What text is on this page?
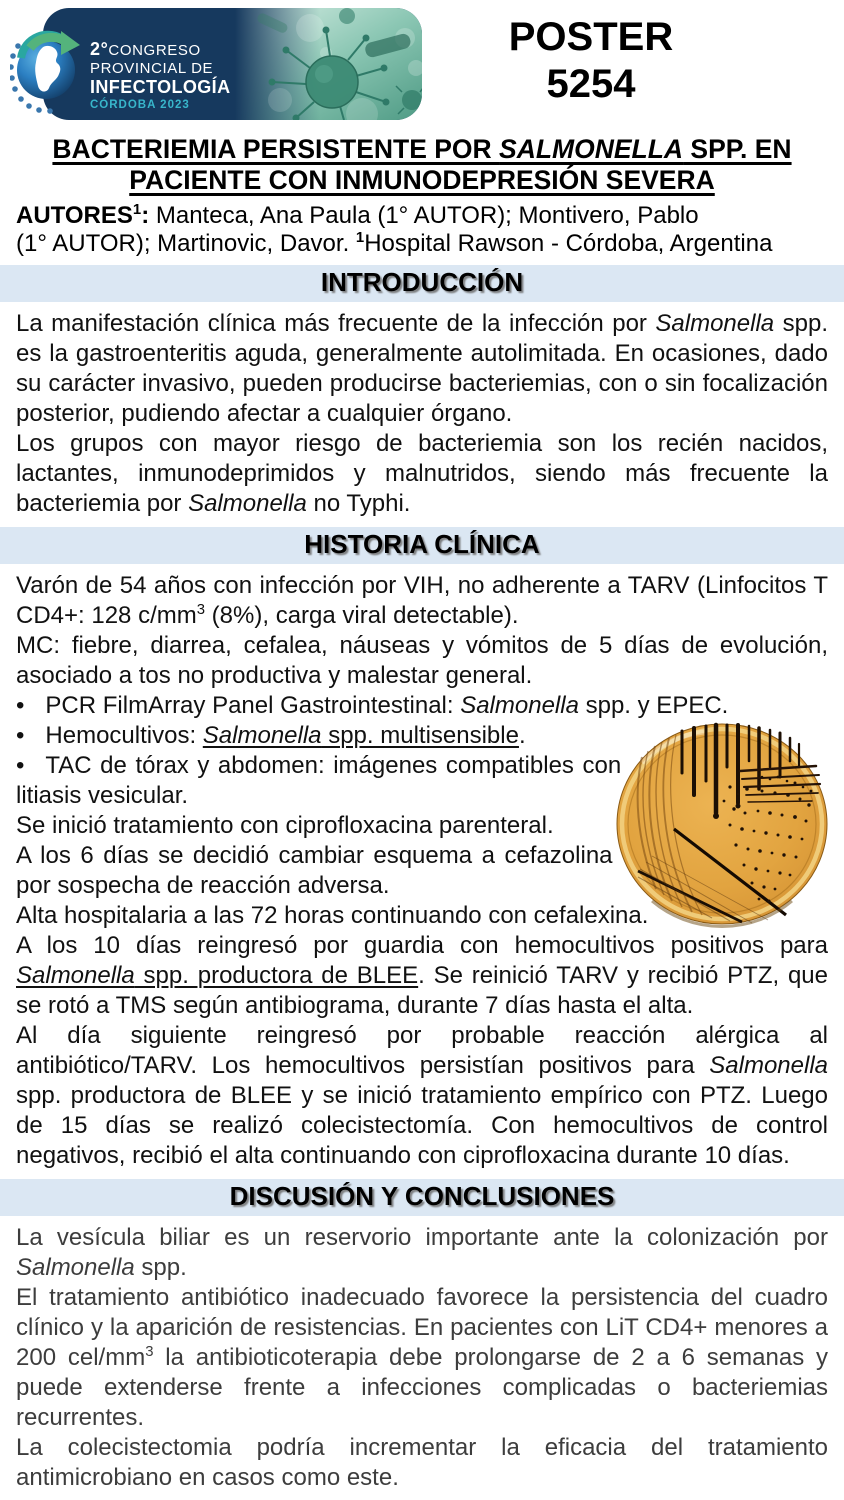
2°CONGRESO
PROVINCIAL DE
INFECTOLOGÍA
CÓRDOBA 2023
POSTER
5254
BACTERIEMIA PERSISTENTE POR SALMONELLA SPP. EN
PACIENTE CON INMUNODEPRESIÓN SEVERA
AUTORES$^1$: Manteca, Ana Paula (1° AUTOR); Montivero, Pablo
(1° AUTOR); Martinovic, Davor. $^1$Hospital Rawson - Córdoba, Argentina
INTRODUCCIÓN

La manifestación clínica más frecuente de la infección por Salmonella spp. es la gastroenteritis aguda, generalmente autolimitada. En ocasiones, dado su carácter invasivo, pueden producirse bacteriemias, con o sin focalización posterior, pudiendo afectar a cualquier órgano.

Los grupos con mayor riesgo de bacteriemia son los recién nacidos, lactantes, inmunodeprimidos y malnutridos, siendo más frecuente la bacteriemia por Salmonella no Typhi.

HISTORIA CLÍNICA

Varón de 54 años con infección por VIH, no adherente a TARV (Linfocitos T CD4+: 128 $c/mm^3$ (8%), carga viral detectable).

MC: fiebre, diarrea, cefalea, náuseas y vómitos de 5 días de evolución, asociado a tos no productiva y malestar general.

• PCR FilmArray Panel Gastrointestinal: Salmonella spp. y EPEC.

• Hemocultivos: Salmonella spp. multisensible.

• TAC de tórax y abdomen: imágenes compatibles con litiasis vesicular.

Se inició tratamiento con ciprofloxacina parenteral.

A los 6 días se decidió cambiar esquema a cefazolina por sospecha de reacción adversa.

Alta hospitalaria a las 72 horas continuando con cefalexina.

A los 10 días reingresó por guardia con hemocultivos positivos para Salmonella spp. productora de BLEE. Se reinició TARV y recibió PTZ, que se rotó a TMS según antibiograma, durante 7 días hasta el alta.

Al día siguiente reingresó por probable reacción alérgica al antibiótico/TARV. Los hemocultivos persistían positivos para Salmonella spp. productora de BLEE y se inició tratamiento empírico con PTZ. Luego de 15 días se realizó colecistectomía. Con hemocultivos de control negativos, recibió el alta continuando con ciprofloxacina durante 10 días.

DISCUSIÓN Y CONCLUSIONES

La vesícula biliar es un reservorio importante ante la colonización por Salmonella spp.

El tratamiento antibiótico inadecuado favorece la persistencia del cuadro clínico y la aparición de resistencias. En pacientes con LiT CD4+ menores a 200 cel/$mm^3$ la antibioticoterapia debe prolongarse de 2 a 6 semanas y puede extenderse frente a infecciones complicadas o bacteriemias recurrentes.

La colecistectomia podría incrementar la eficacia del tratamiento antimicrobiano en casos como este.
